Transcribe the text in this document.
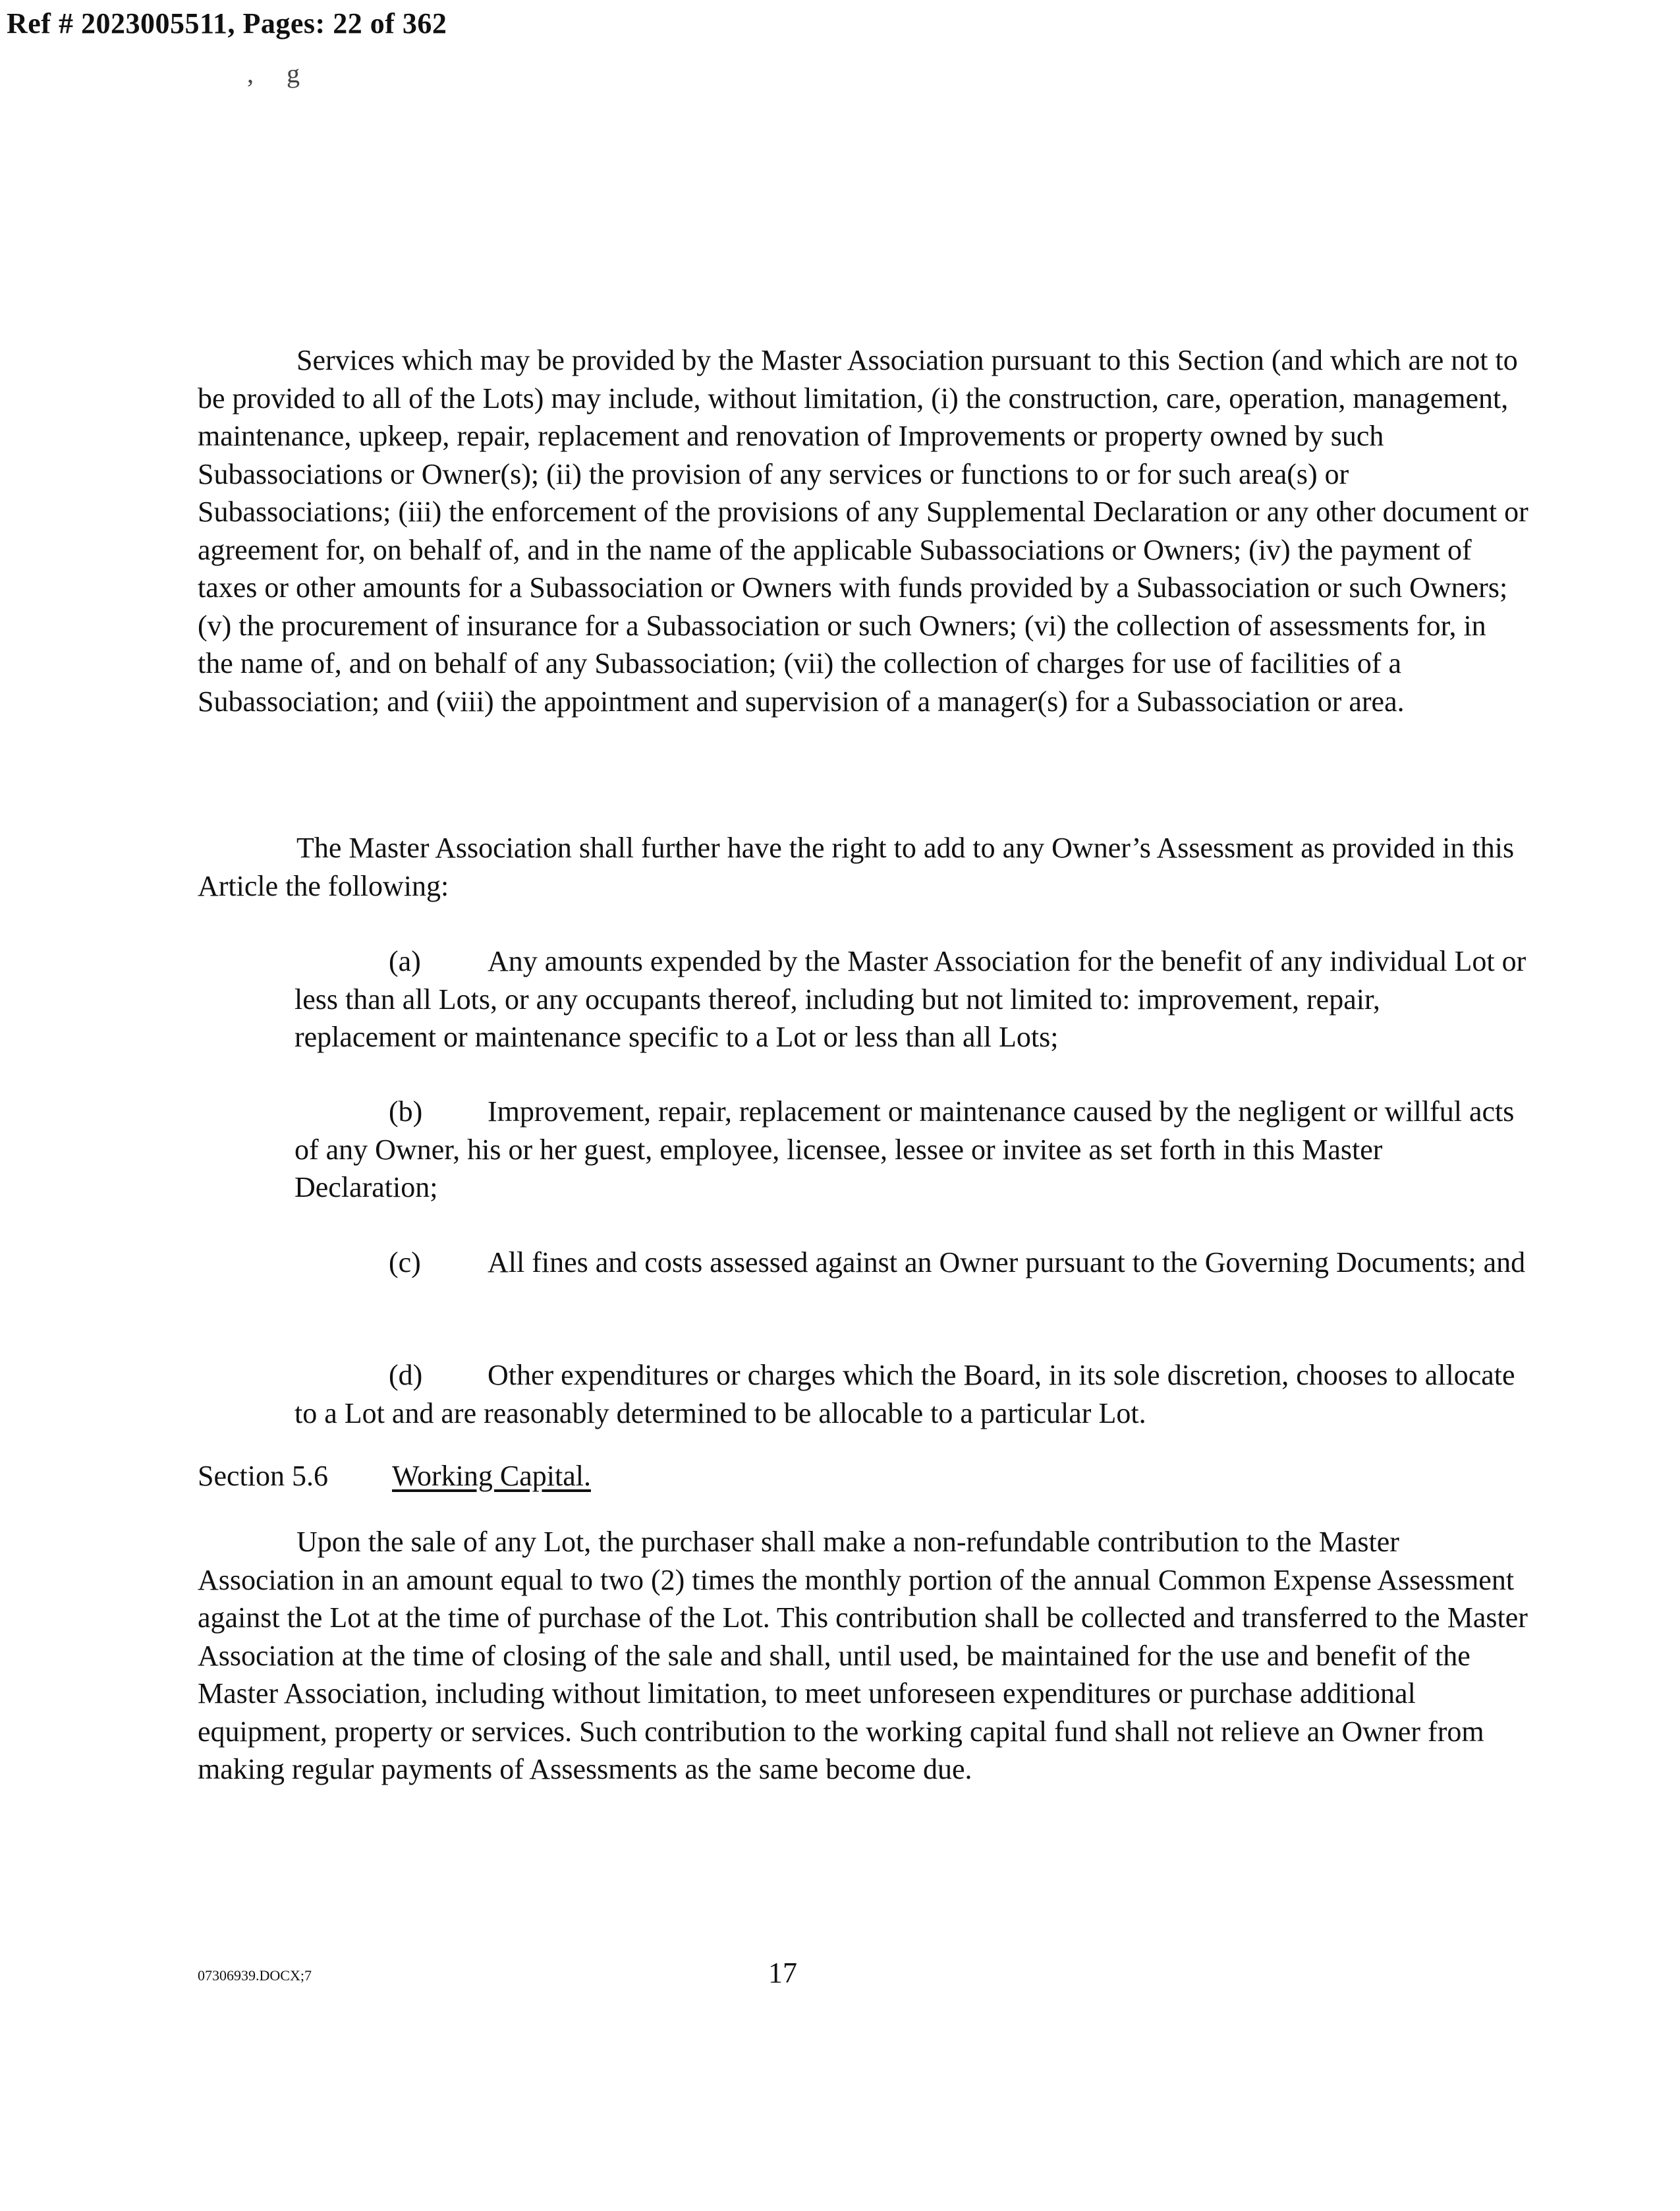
Ref # 2023005511, Pages: 22 of 362
, g
Services which may be provided by the Master Association pursuant to this Section (and which are not to be provided to all of the Lots) may include, without limitation, (i) the construction, care, operation, management, maintenance, upkeep, repair, replacement and renovation of Improvements or property owned by such Subassociations or Owner(s); (ii) the provision of any services or functions to or for such area(s) or Subassociations; (iii) the enforcement of the provisions of any Supplemental Declaration or any other document or agreement for, on behalf of, and in the name of the applicable Subassociations or Owners; (iv) the payment of taxes or other amounts for a Subassociation or Owners with funds provided by a Subassociation or such Owners; (v) the procurement of insurance for a Subassociation or such Owners; (vi) the collection of assessments for, in the name of, and on behalf of any Subassociation; (vii) the collection of charges for use of facilities of a Subassociation; and (viii) the appointment and supervision of a manager(s) for a Subassociation or area.
The Master Association shall further have the right to add to any Owner’s Assessment as provided in this Article the following:
(a) Any amounts expended by the Master Association for the benefit of any individual Lot or less than all Lots, or any occupants thereof, including but not limited to: improvement, repair, replacement or maintenance specific to a Lot or less than all Lots;
(b) Improvement, repair, replacement or maintenance caused by the negligent or willful acts of any Owner, his or her guest, employee, licensee, lessee or invitee as set forth in this Master Declaration;
(c) All fines and costs assessed against an Owner pursuant to the Governing Documents; and
(d) Other expenditures or charges which the Board, in its sole discretion, chooses to allocate to a Lot and are reasonably determined to be allocable to a particular Lot.
Section 5.6 Working Capital.
Upon the sale of any Lot, the purchaser shall make a non-refundable contribution to the Master Association in an amount equal to two (2) times the monthly portion of the annual Common Expense Assessment against the Lot at the time of purchase of the Lot. This contribution shall be collected and transferred to the Master Association at the time of closing of the sale and shall, until used, be maintained for the use and benefit of the Master Association, including without limitation, to meet unforeseen expenditures or purchase additional equipment, property or services. Such contribution to the working capital fund shall not relieve an Owner from making regular payments of Assessments as the same become due.
07306939.DOCX;7	17
